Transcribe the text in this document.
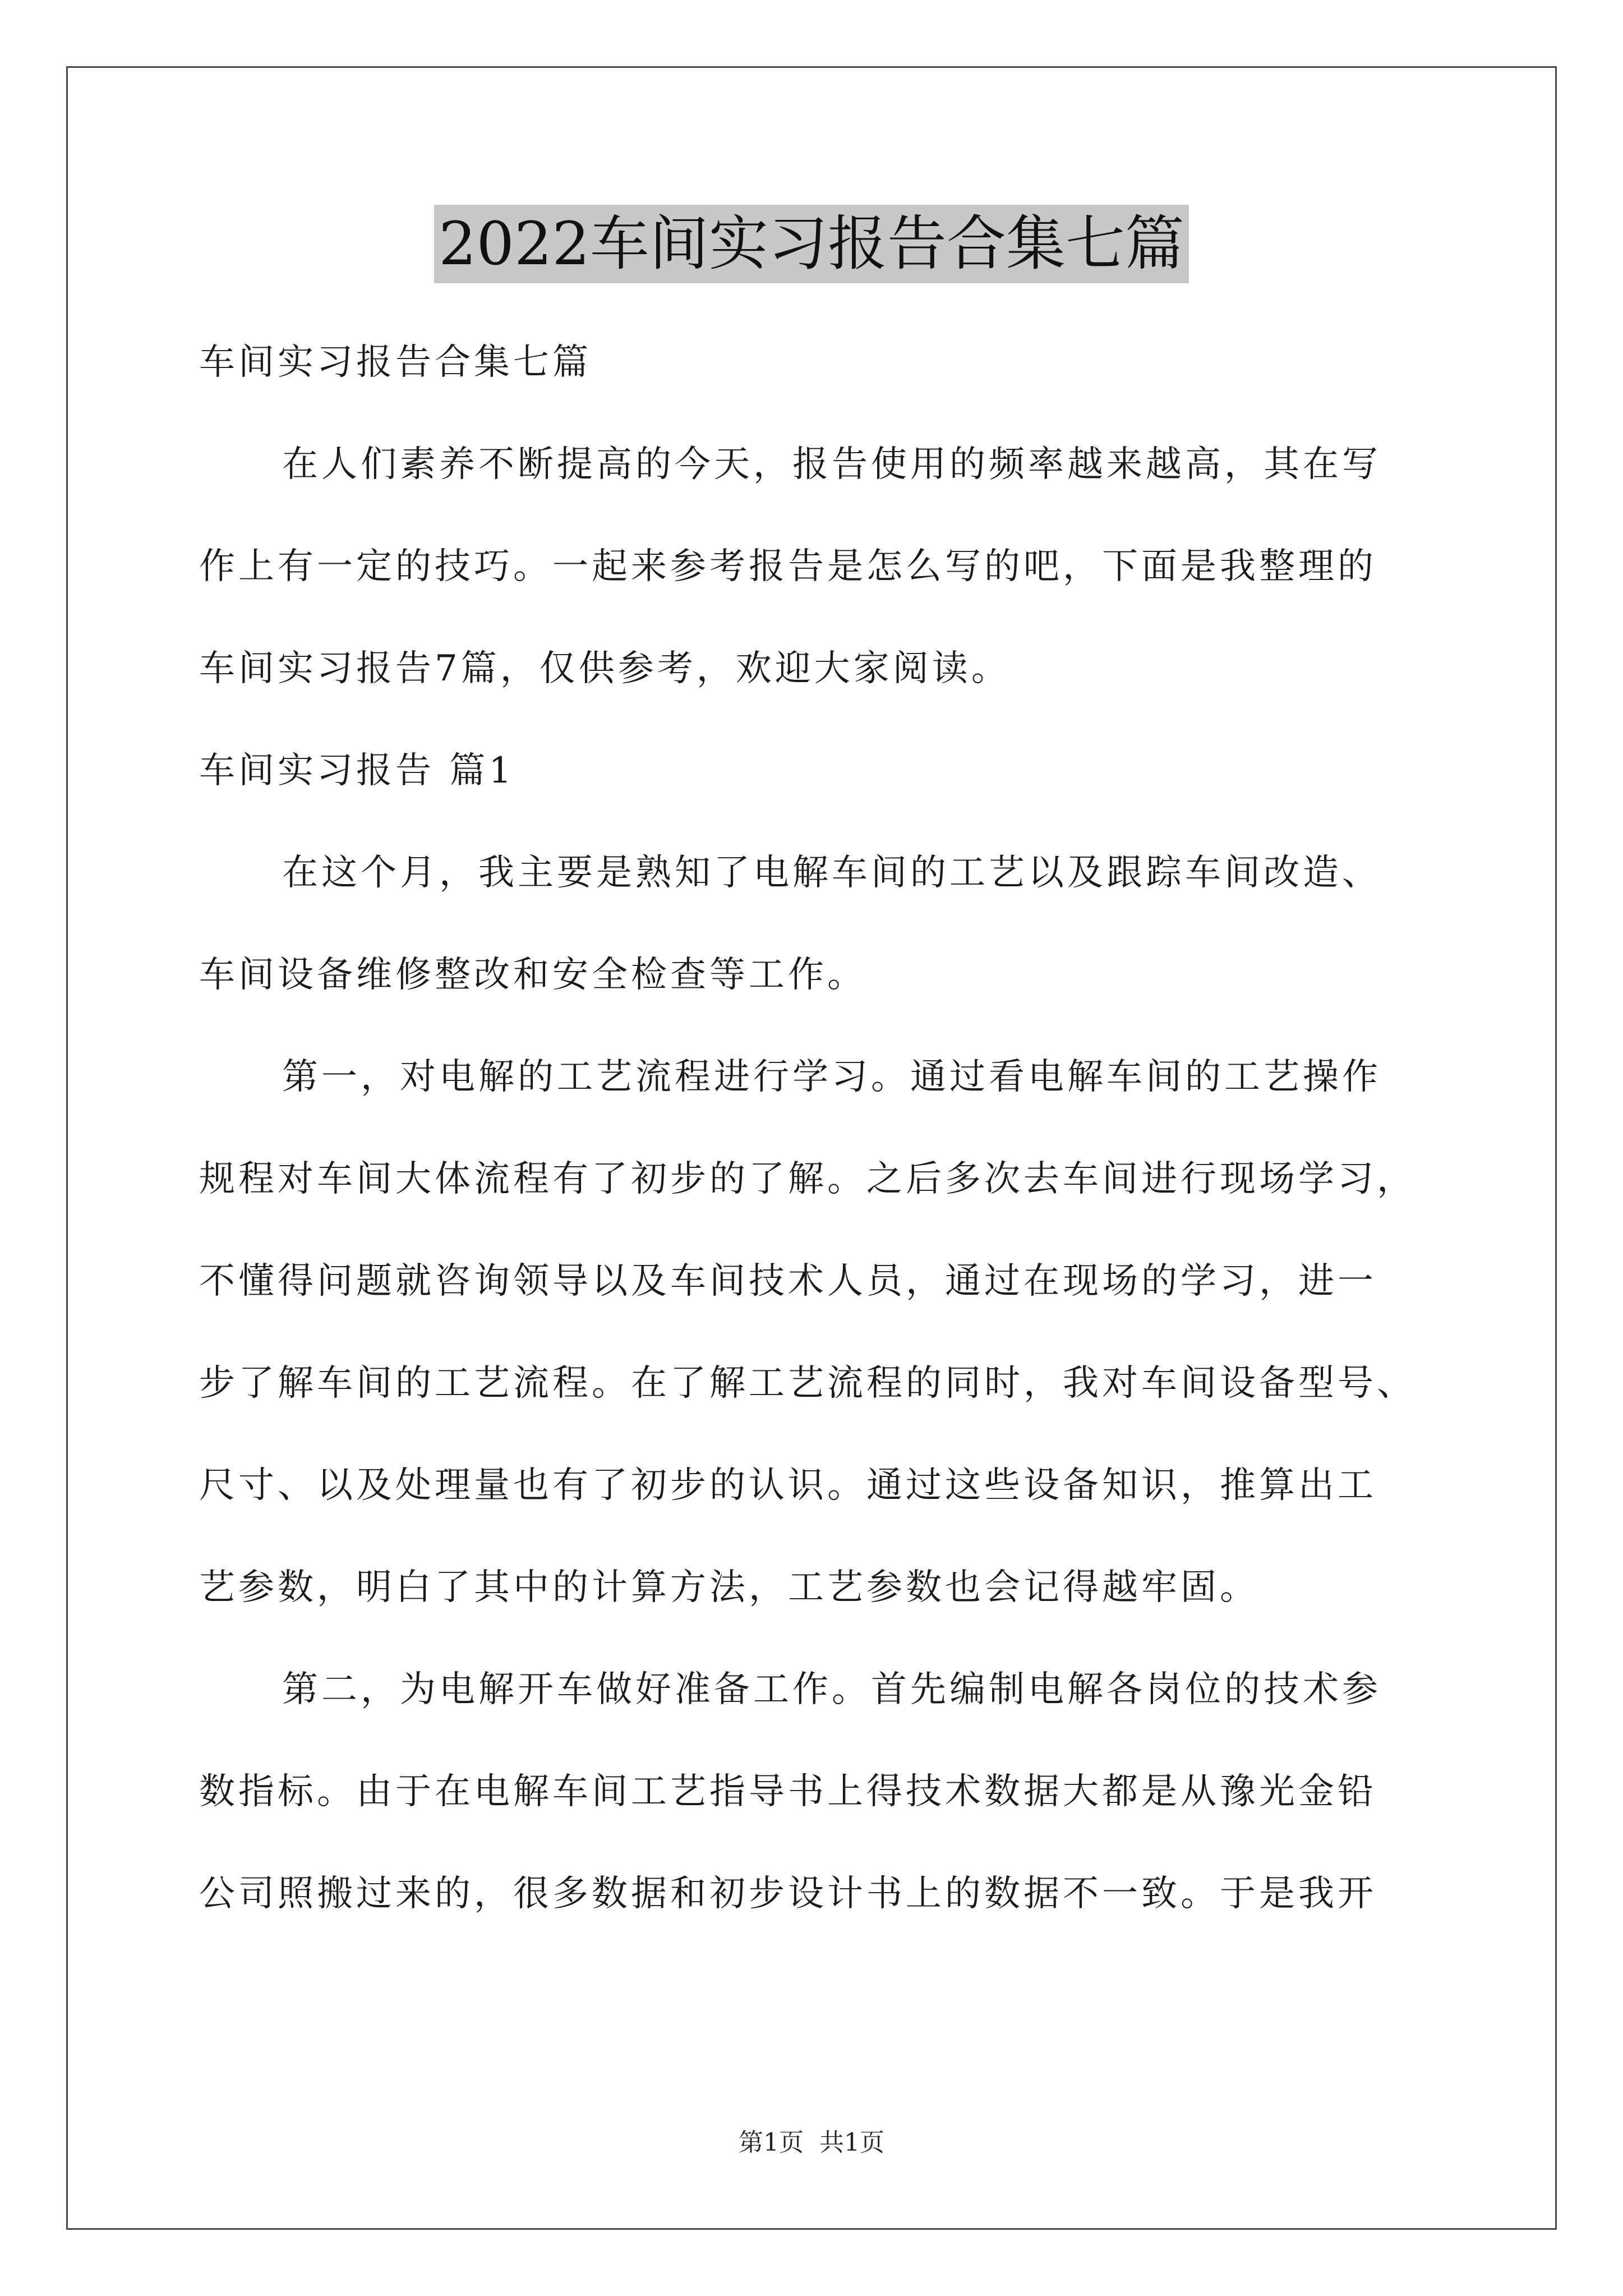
2022车间实习报告合集七篇
车间实习报告合集七篇
在人们素养不断提高的今天，报告使用的频率越来越高，其在写
作上有一定的技巧。一起来参考报告是怎么写的吧，下面是我整理的
车间实习报告7篇，仅供参考，欢迎大家阅读。
车间实习报告 篇1
在这个月，我主要是熟知了电解车间的工艺以及跟踪车间改造、
车间设备维修整改和安全检查等工作。
第一，对电解的工艺流程进行学习。通过看电解车间的工艺操作
规程对车间大体流程有了初步的了解。之后多次去车间进行现场学习，
不懂得问题就咨询领导以及车间技术人员，通过在现场的学习，进一
步了解车间的工艺流程。在了解工艺流程的同时，我对车间设备型号、
尺寸、以及处理量也有了初步的认识。通过这些设备知识，推算出工
艺参数，明白了其中的计算方法，工艺参数也会记得越牢固。
第二，为电解开车做好准备工作。首先编制电解各岗位的技术参
数指标。由于在电解车间工艺指导书上得技术数据大都是从豫光金铅
公司照搬过来的，很多数据和初步设计书上的数据不一致。于是我开
第1页  共1页
